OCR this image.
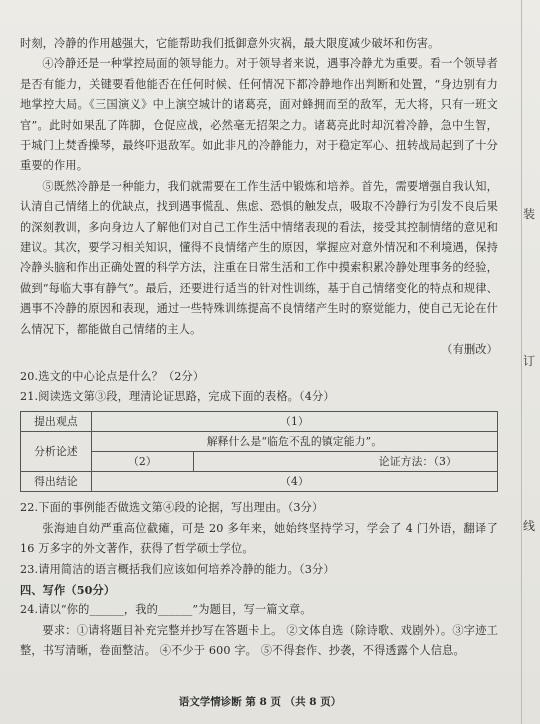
装
订
线

时刻，冷静的作用越强大，它能帮助我们抵御意外灾祸，最大限度减少破坏和伤害。

④冷静还是一种掌控局面的领导能力。对于领导者来说，遇事冷静尤为重要。看一个领导者是否有能力，关键要看他能否在任何时候、任何情况下都冷静地作出判断和处置，“身边别有力地掌控大局。《三国演义》中上演空城计的诸葛亮，面对蜂拥而至的敌军，无大将，只有一班文官”。此时如果乱了阵脚，仓促应战，必然毫无招架之力。诸葛亮此时却沉着冷静，急中生智，于城门上焚香操琴，最终吓退敌军。如此非凡的冷静能力，对于稳定军心、扭转战局起到了十分重要的作用。

⑤既然冷静是一种能力，我们就需要在工作生活中锻炼和培养。首先，需要增强自我认知，认清自己情绪上的优缺点，找到遇事慌乱、焦虑、恐惧的触发点，吸取不冷静行为引发不良后果的深刻教训，多向身边人了解他们对自己工作生活中情绪表现的看法，接受其控制情绪的意见和建议。其次，要学习相关知识，懂得不良情绪产生的原因，掌握应对意外情况和不利境遇，保持冷静头脑和作出正确处置的科学方法，注重在日常生活和工作中摸索积累冷静处理事务的经验，做到“每临大事有静气”。最后，还要进行适当的针对性训练，基于自己情绪变化的特点和规律、遇事不冷静的原因和表现，通过一些特殊训练提高不良情绪产生时的察觉能力，使自己无论在什么情况下，都能做自己情绪的主人。

（有删改）

20.选文的中心论点是什么？（2分）

21.阅读选文第③段，理清论证思路，完成下面的表格。（4分）

提出观点	（1）	
分析论述	解释什么是“临危不乱的镇定能力”。	
	（2）	论证方法：（3）
得出结论	（4）	

22.下面的事例能否做选文第④段的论据，写出理由。（3分）

张海迪自幼严重高位截瘫，可是 20 多年来，她始终坚持学习，学会了 4 门外语，翻译了 16 万多字的外文著作，获得了哲学硕士学位。

23.请用简洁的语言概括我们应该如何培养冷静的能力。（3分）

四、写作（50分）

24.请以“你的______，我的______”为题目，写一篇文章。

要求：①请将题目补充完整并抄写在答题卡上。 ②文体自选（除诗歌、戏剧外）。③字迹工整，书写清晰，卷面整洁。 ④不少于 600 字。 ⑤不得套作、抄袭，不得透露个人信息。

语文学情诊断 第 8 页 （共 8 页）
